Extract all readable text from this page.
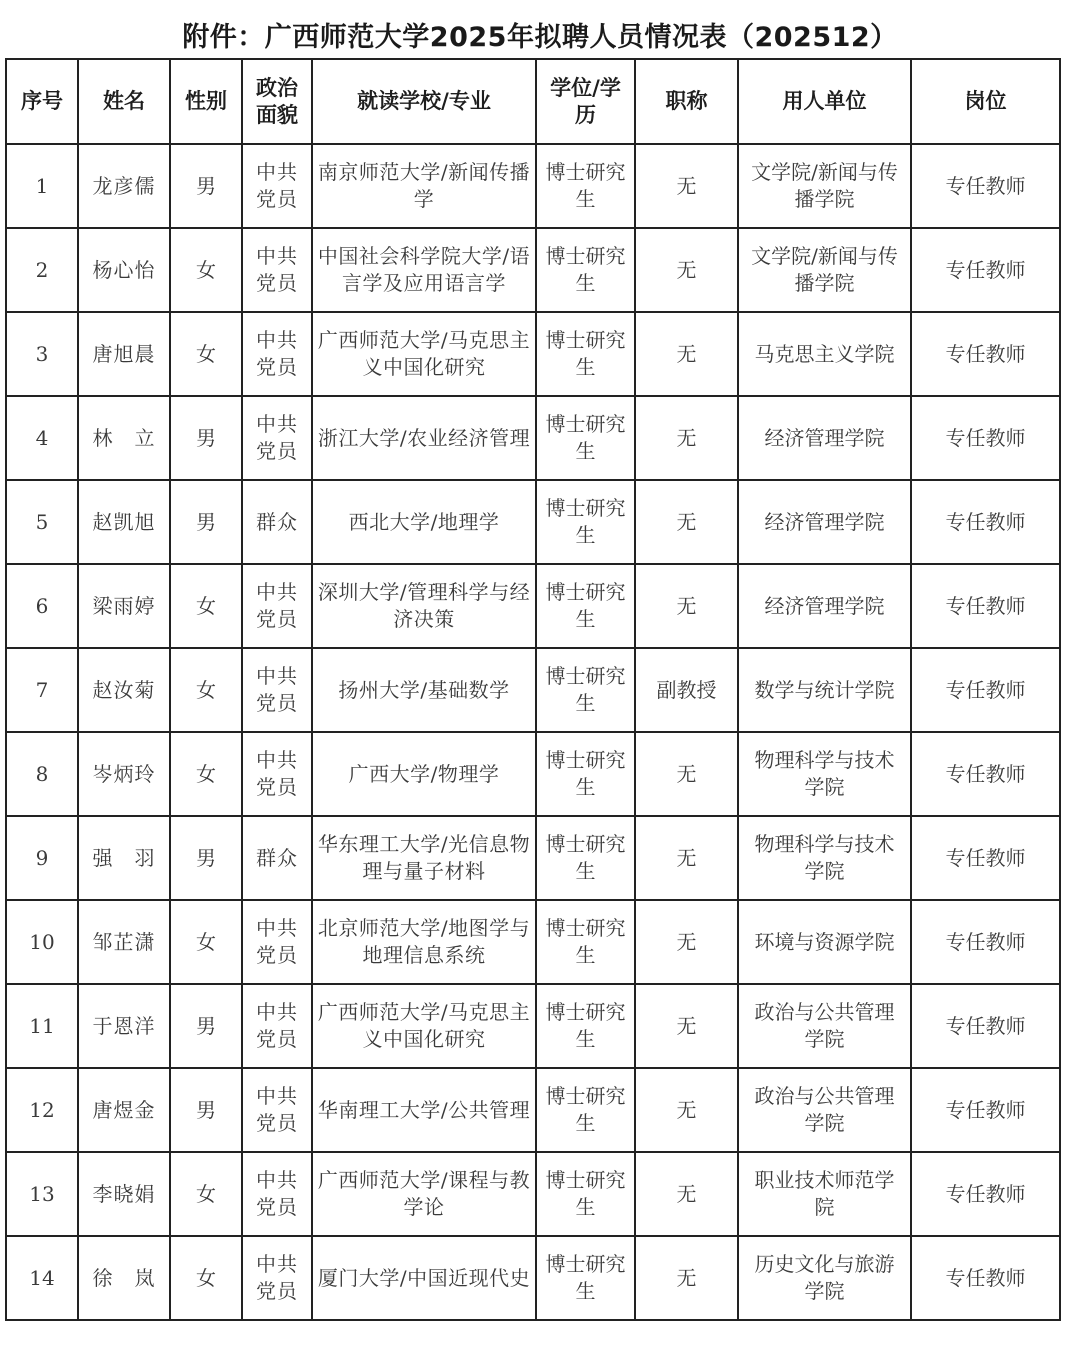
附件：广西师范大学2025年拟聘人员情况表（202512）
序号	姓名	性别	政治面貌	就读学校/专业	学位/学历	职称	用人单位	岗位
1	龙彦儒	男	中共党员	南京师范大学/新闻传播学	博士研究生	无	文学院/新闻与传播学院	专任教师
2	杨心怡	女	中共党员	中国社会科学院大学/语言学及应用语言学	博士研究生	无	文学院/新闻与传播学院	专任教师
3	唐旭晨	女	中共党员	广西师范大学/马克思主义中国化研究	博士研究生	无	马克思主义学院	专任教师
4	林　立	男	中共党员	浙江大学/农业经济管理	博士研究生	无	经济管理学院	专任教师
5	赵凯旭	男	群众	西北大学/地理学	博士研究生	无	经济管理学院	专任教师
6	梁雨婷	女	中共党员	深圳大学/管理科学与经济决策	博士研究生	无	经济管理学院	专任教师
7	赵汝菊	女	中共党员	扬州大学/基础数学	博士研究生	副教授	数学与统计学院	专任教师
8	岑炳玲	女	中共党员	广西大学/物理学	博士研究生	无	物理科学与技术学院	专任教师
9	强　羽	男	群众	华东理工大学/光信息物理与量子材料	博士研究生	无	物理科学与技术学院	专任教师
10	邹芷潇	女	中共党员	北京师范大学/地图学与地理信息系统	博士研究生	无	环境与资源学院	专任教师
11	于恩洋	男	中共党员	广西师范大学/马克思主义中国化研究	博士研究生	无	政治与公共管理学院	专任教师
12	唐煜金	男	中共党员	华南理工大学/公共管理	博士研究生	无	政治与公共管理学院	专任教师
13	李晓娟	女	中共党员	广西师范大学/课程与教学论	博士研究生	无	职业技术师范学院	专任教师
14	徐　岚	女	中共党员	厦门大学/中国近现代史	博士研究生	无	历史文化与旅游学院	专任教师
